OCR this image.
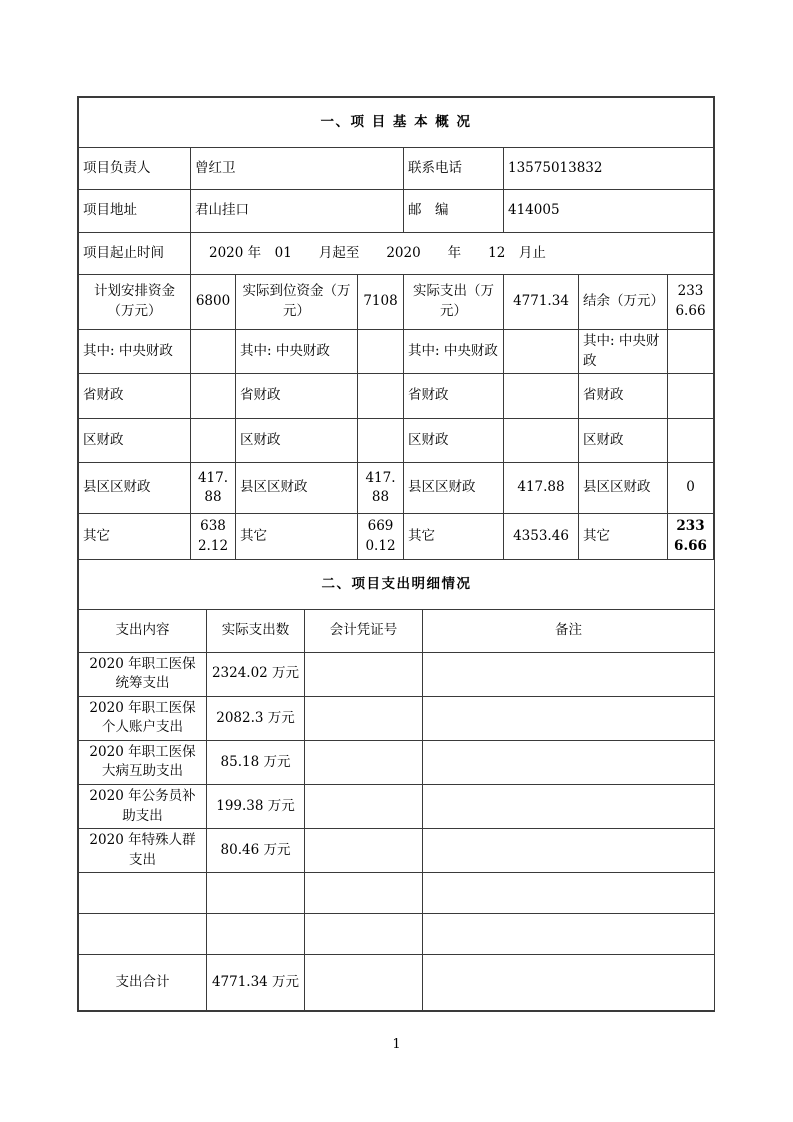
一、项 目 基 本 概 况							
项目负责人	曾红卫			联系电话	13575013832		
项目地址	君山挂口			邮　编	414005		
项目起止时间	2020 年　01　　月起至　　2020　　年　　12　月止						
计划安排资金（万元）	6800	实际到位资金（万元）	7108	实际支出（万元）	4771.34	结余（万元）	2336.66
其中: 中央财政		其中: 中央财政		其中: 中央财政		其中: 中央财政	
省财政		省财政		省财政		省财政	
区财政		区财政		区财政		区财政	
县区区财政	417.88	县区区财政	417.88	县区区财政	417.88	县区区财政	0
其它	6382.12	其它	6690.12	其它	4353.46	其它	2336.66
二、项目支出明细情况			
支出内容	实际支出数	会计凭证号	备注
2020 年职工医保统筹支出	2324.02 万元		
2020 年职工医保个人账户支出	2082.3 万元		
2020 年职工医保大病互助支出	85.18 万元		
2020 年公务员补助支出	199.38 万元		
2020 年特殊人群支出	80.46 万元		

支出合计	4771.34 万元		
1
